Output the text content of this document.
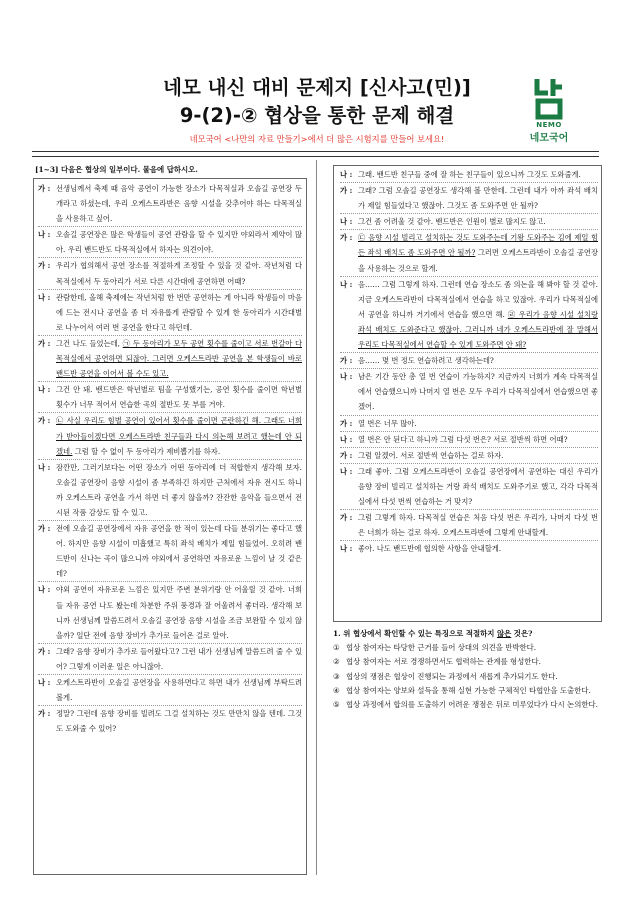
네모 내신 대비 문제지 [신사고(민)]
9-(2)-② 협상을 통한 문제 해결
네모국어 <나만의 자료 만들기>에서 더 많은 시험지를 만들어 보세요!
NEMO
네모국어
[1~3] 다음은 협상의 일부이다. 물음에 답하시오.
가 : 선생님께서 축제 때 음악 공연이 가능한 장소가 다목적실과 오솔길 공연장 두 개라고 하셨는데, 우리 오케스트라반은 음향 시설을 갖추어야 하는 다목적실을 사용하고 싶어.
나 : 오솔길 공연장은 많은 학생들이 공연 관람을 할 수 있지만 야외라서 제약이 많아. 우리 밴드반도 다목적실에서 하자는 의견이야.
가 : 우리가 협의해서 공연 장소를 적절하게 조정할 수 있을 것 같아. 작년처럼 다목적실에서 두 동아리가 서로 다른 시간대에 공연하면 어때?
나 : 관람한데, 올해 축제에는 작년처럼 한 번만 공연하는 게 아니라 학생들이 마음에 드는 전시나 공연을 좀 더 자유롭게 관람할 수 있게 한 동아리가 시간대별로 나누어서 여러 번 공연을 한다고 하던데.
가 : 그건 나도 들었는데, ㉠ 두 동아리가 모두 공연 횟수를 줄이고 서로 번갈아 다목적실에서 공연하면 되잖아. 그러면 오케스트라반 공연을 본 학생들이 바로 밴드반 공연을 이어서 볼 수도 있고.
나 : 그건 안 돼. 밴드반은 학년별로 팀을 구성했기는, 공연 횟수를 줄이면 학년별 횟수가 너무 적어서 연습한 곡의 절반도 못 부를 거야.
가 : ㉡ 사실 우리도 힘별 공연이 있어서 횟수를 줄이면 곤란하긴 해. 그래도 너희가 받아들이겠다면 오케스트라반 친구들과 다시 의논해 보려고 했는데 안 되겠네. 그럼 할 수 없이 두 동아리가 제비뽑기를 하자.
나 : 잠깐만, 그러기보다는 어떤 장소가 어떤 동아리에 더 적합한지 생각해 보자. 오솔길 공연장이 음향 시설이 좀 부족하긴 하지만 근처에서 자유 전시도 하니까 오케스트라 공연을 가서 하면 더 좋지 않을까? 잔잔한 음악을 들으면서 전시된 작품 감상도 할 수 있고.
가 : 전에 오솔길 공연장에서 자유 공연을 한 적이 있는데 다들 분위기는 좋다고 했어. 하지만 음향 시설이 미흡했고 특히 좌석 배치가 제일 힘들었어. 오히려 밴드반이 신나는 곡이 많으니까 야외에서 공연하면 자유로운 느낌이 날 것 같은데?
나 : 야외 공연이 자유로운 느낌은 있지만 주변 분위기랑 안 어울릴 것 같아. 너희들 자유 공연 나도 봤는데 차분한 주위 풍경과 잘 어울려서 좋더라. 생각해 보니까 선생님께 말씀드려서 오솔길 공연장 음향 시설을 조금 보완할 수 있지 않을까? 일단 전에 음향 장비가 추가로 들어온 걸로 알아.
가 : 그래? 음향 장비가 추가로 들어왔다고? 그런 내가 선생님께 말씀드려 줄 수 있어? 그렇게 이러운 일은 아니잖아.
나 : 오케스트라반이 오솔길 공연장을 사용하면다고 하면 내가 선생님께 부탁드려 볼게.
가 : 정말? 그런데 음향 장비를 빌려도 그걸 설치하는 것도 만만치 않을 텐데. 그것도 도와줄 수 있어?
나 : 그래. 밴드반 친구들 중에 잘 하는 친구들이 있으니까 그것도 도와줄게.
가 : 그래? 그럼 오솔길 공연장도 생각해 볼 만한데. 그런데 내가 아까 좌석 배치가 제일 힘들었다고 했잖아. 그것도 좀 도와주면 안 될까?
나 : 그건 좀 어려울 것 같아. 밴드반은 인원이 별로 많지도 않고.
가 : ㉢ 음향 시설 빌리고 설치하는 것도 도와주는데 기왕 도와주는 김에 제일 힘든 좌석 배치도 좀 도와주면 안 될까? 그러면 오케스트라반이 오솔길 공연장을 사용하는 것으로 할게.
나 : 음…… 그럼 그렇게 하자. 그런데 연습 장소도 좀 의논을 해 봐야 할 것 같아. 지금 오케스트라반이 다목적실에서 연습을 하고 있잖아. 우리가 다목적실에서 공연을 하니까 거기에서 연습을 했으면 해. ㉣ 우리가 음향 시설 설치랑 좌석 배치도 도와준다고 했잖아. 그러니까 네가 오케스트라반에 잘 말해서 우리도 다목적실에서 연습할 수 있게 도와주면 안 돼?
가 : 음…… 몇 번 정도 연습하려고 생각하는데?
나 : 남은 기간 동안 총 열 번 연습이 가능하지? 지금까지 너희가 계속 다목적실에서 연습했으니까 나머지 열 번은 모두 우리가 다목적실에서 연습했으면 좋겠어.
가 : 열 번은 너무 많아.
나 : 열 번은 안 된다고 하니까 그럼 다섯 번은? 서로 절반씩 하면 어때?
가 : 그럼 알겠어. 서로 절반씩 연습하는 걸로 하자.
나 : 그래 좋아. 그럼 오케스트라반이 오솔길 공연장에서 공연하는 대신 우리가 음향 장비 빌리고 설치하는 거랑 좌석 배치도 도와주기로 했고, 각각 다목적실에서 다섯 번씩 연습하는 거 맞지?
가 : 그럼 그렇게 하자. 다목적실 연습은 처음 다섯 번은 우리가, 나머지 다섯 번은 너희가 하는 걸로 하자. 오케스트라반에 그렇게 안내할게.
나 : 좋아. 나도 밴드반에 협의한 사항을 안내할게.
1. 위 협상에서 확인할 수 있는 특징으로 적절하지 않은 것은?
① 협상 참여자는 타당한 근거를 들어 상대의 의견을 반박한다.
② 협상 참여자는 서로 경쟁하면서도 협력하는 관계를 형성한다.
③ 협상의 쟁점은 협상이 진행되는 과정에서 새롭게 추가되기도 한다.
④ 협상 참여자는 양보와 설득을 통해 실현 가능한 구체적인 타협안을 도출한다.
⑤ 협상 과정에서 합의를 도출하기 어려운 쟁점은 뒤로 미루었다가 다시 논의한다.
